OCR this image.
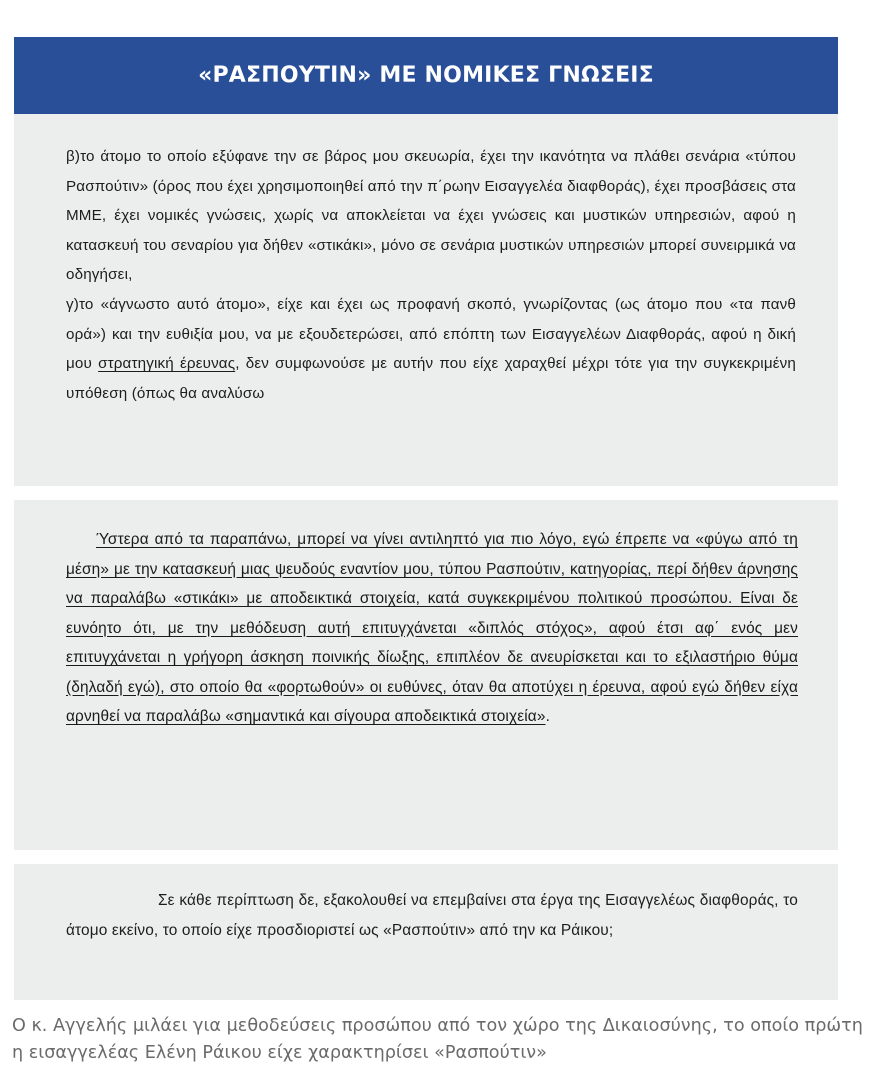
«ΡΑΣΠΟΥΤΙΝ» ΜΕ ΝΟΜΙΚΕΣ ΓΝΩΣΕΙΣ

β)το άτομο το οποίο εξύφανε την σε βάρος μου σκευωρία, έχει την ικανότητα να πλάθει σενάρια «τύπου Ρασπούτιν» (όρος που έχει χρησιμοποιηθεί από την π΄ρωην Εισαγγελέα διαφθοράς), έχει προσβάσεις στα ΜΜΕ, έχει νομικές γνώσεις, χωρίς να αποκλείεται να έχει γνώσεις και μυστικών υπηρεσιών, αφού η κατασκευή του σεναρίου για δήθεν «στικάκι», μόνο σε σενάρια μυστικών υπηρεσιών μπορεί συνειρμικά να οδηγήσει,

γ)το «άγνωστο αυτό άτομο», είχε και έχει ως προφανή σκοπό, γνωρίζοντας (ως άτομο που «τα πανθ ορά») και την ευθιξία μου, να με εξουδετερώσει, από επόπτη των Εισαγγελέων Διαφθοράς, αφού η δική μου στρατηγική έρευνας, δεν συμφωνούσε με αυτήν που είχε χαραχθεί μέχρι τότε για την συγκεκριμένη υπόθεση (όπως θα αναλύσω

Ύστερα από τα παραπάνω, μπορεί να γίνει αντιληπτό για πιο λόγο, εγώ έπρεπε να «φύγω από τη μέση» με την κατασκευή μιας ψευδούς εναντίον μου, τύπου Ρασπούτιν, κατηγορίας, περί δήθεν άρνησης να παραλάβω «στικάκι» με αποδεικτικά στοιχεία, κατά συγκεκριμένου πολιτικού προσώπου. Είναι δε ευνόητο ότι, με την μεθόδευση αυτή επιτυγχάνεται «διπλός στόχος», αφού έτσι αφ΄ ενός μεν επιτυγχάνεται η γρήγορη άσκηση ποινικής δίωξης, επιπλέον δε ανευρίσκεται και το εξιλαστήριο θύμα (δηλαδή εγώ), στο οποίο θα «φορτωθούν» οι ευθύνες, όταν θα αποτύχει η έρευνα, αφού εγώ δήθεν είχα αρνηθεί να παραλάβω «σημαντικά και σίγουρα αποδεικτικά στοιχεία».

Σε κάθε περίπτωση δε, εξακολουθεί να επεμβαίνει στα έργα της Εισαγγελέως διαφθοράς, το άτομο εκείνο, το οποίο είχε προσδιοριστεί ως «Ρασπούτιν» από την κα Ράικου;

Ο κ. Αγγελής μιλάει για μεθοδεύσεις προσώπου από τον χώρο της Δικαιοσύνης, το οποίο πρώτη η εισαγγελέας Ελένη Ράικου είχε χαρακτηρίσει «Ρασπούτιν»
